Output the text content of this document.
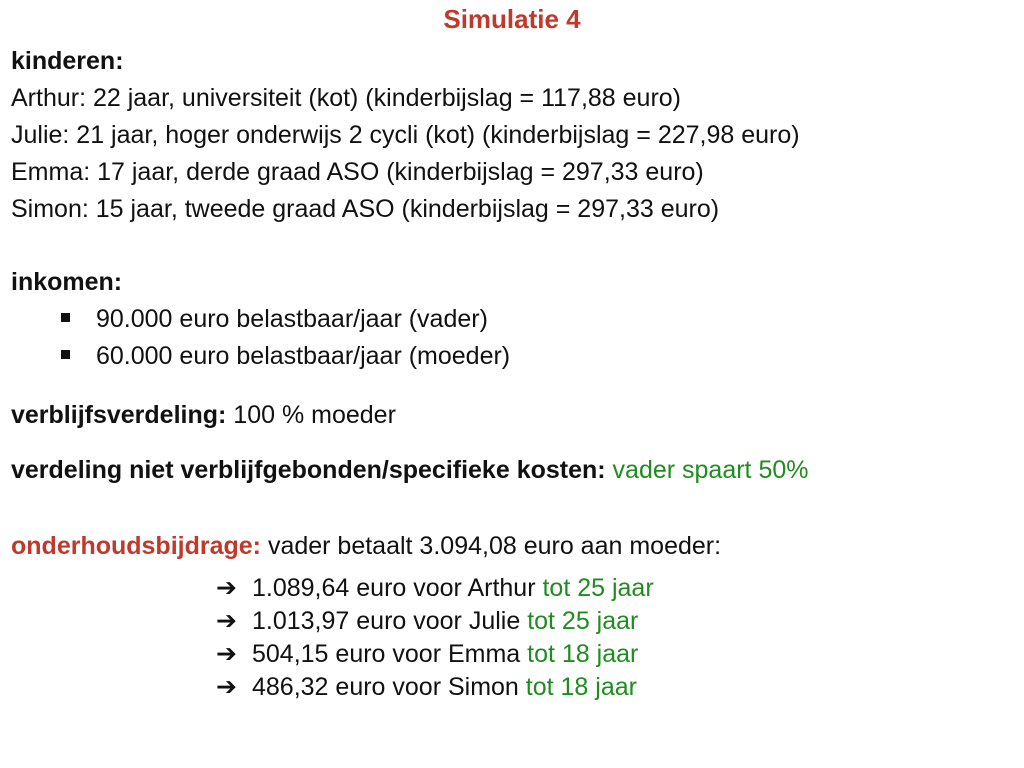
Simulatie 4
kinderen:
Arthur: 22 jaar, universiteit (kot) (kinderbijslag = 117,88 euro)
Julie: 21 jaar, hoger onderwijs 2 cycli (kot) (kinderbijslag = 227,98 euro)
Emma: 17 jaar, derde graad ASO (kinderbijslag = 297,33 euro)
Simon: 15 jaar, tweede graad ASO (kinderbijslag = 297,33 euro)
inkomen:
90.000 euro belastbaar/jaar (vader)
60.000 euro belastbaar/jaar (moeder)
verblijfsverdeling: 100 % moeder
verdeling niet verblijfgebonden/specifieke kosten: vader spaart 50%
onderhoudsbijdrage: vader betaalt 3.094,08 euro aan moeder:
➔ 1.089,64 euro voor Arthur tot 25 jaar
➔ 1.013,97 euro voor Julie tot 25 jaar
➔ 504,15 euro voor Emma tot 18 jaar
➔ 486,32 euro voor Simon tot 18 jaar
